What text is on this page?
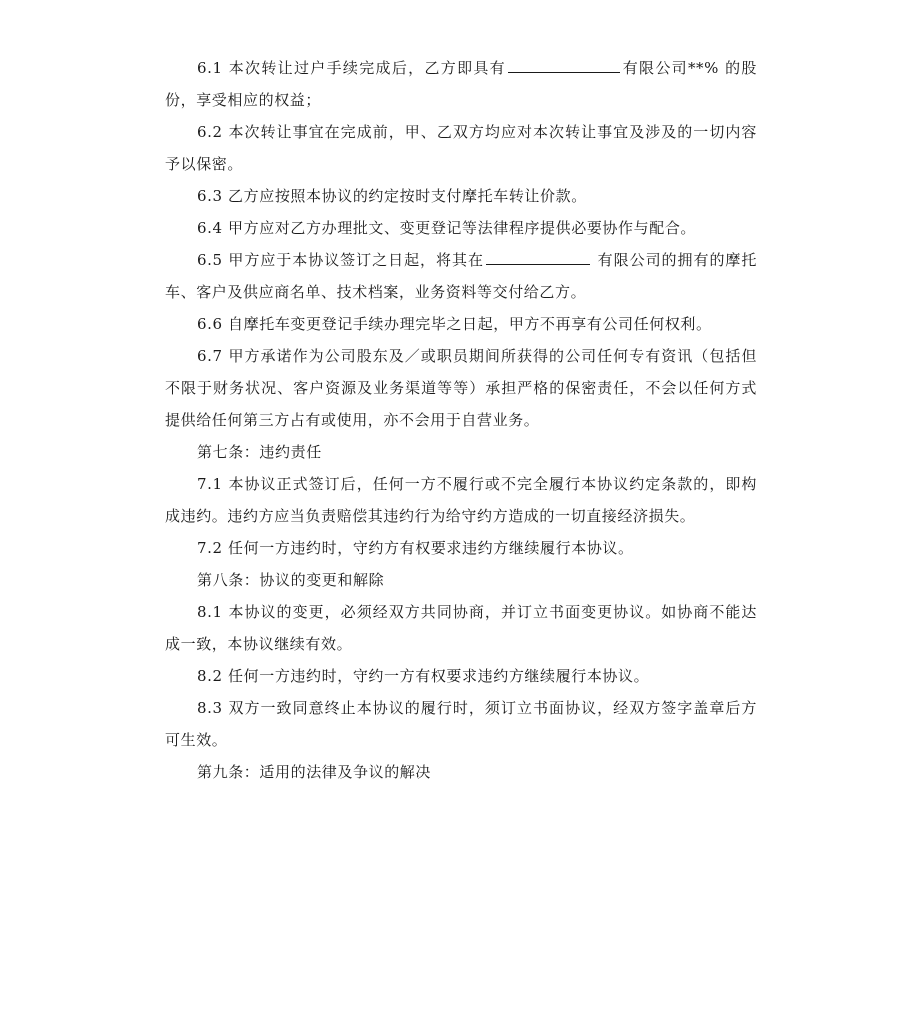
6.1 本次转让过户手续完成后，乙方即具有	有限公司**% 的股份，享受相应的权益；

6.2 本次转让事宜在完成前，甲、乙双方均应对本次转让事宜及涉及的一切内容予以保密。

6.3 乙方应按照本协议的约定按时支付摩托车转让价款。

6.4 甲方应对乙方办理批文、变更登记等法律程序提供必要协作与配合。

6.5 甲方应于本协议签订之日起，将其在	有限公司的拥有的摩托车、客户及供应商名单、技术档案，业务资料等交付给乙方。

6.6 自摩托车变更登记手续办理完毕之日起，甲方不再享有公司任何权利。

6.7 甲方承诺作为公司股东及／或职员期间所获得的公司任何专有资讯（包括但不限于财务状况、客户资源及业务渠道等等）承担严格的保密责任，不会以任何方式提供给任何第三方占有或使用，亦不会用于自营业务。

第七条：违约责任

7.1 本协议正式签订后，任何一方不履行或不完全履行本协议约定条款的，即构成违约。违约方应当负责赔偿其违约行为给守约方造成的一切直接经济损失。

7.2 任何一方违约时，守约方有权要求违约方继续履行本协议。

第八条：协议的变更和解除

8.1 本协议的变更，必须经双方共同协商，并订立书面变更协议。如协商不能达成一致，本协议继续有效。

8.2 任何一方违约时，守约一方有权要求违约方继续履行本协议。

8.3 双方一致同意终止本协议的履行时，须订立书面协议，经双方签字盖章后方可生效。

第九条：适用的法律及争议的解决
